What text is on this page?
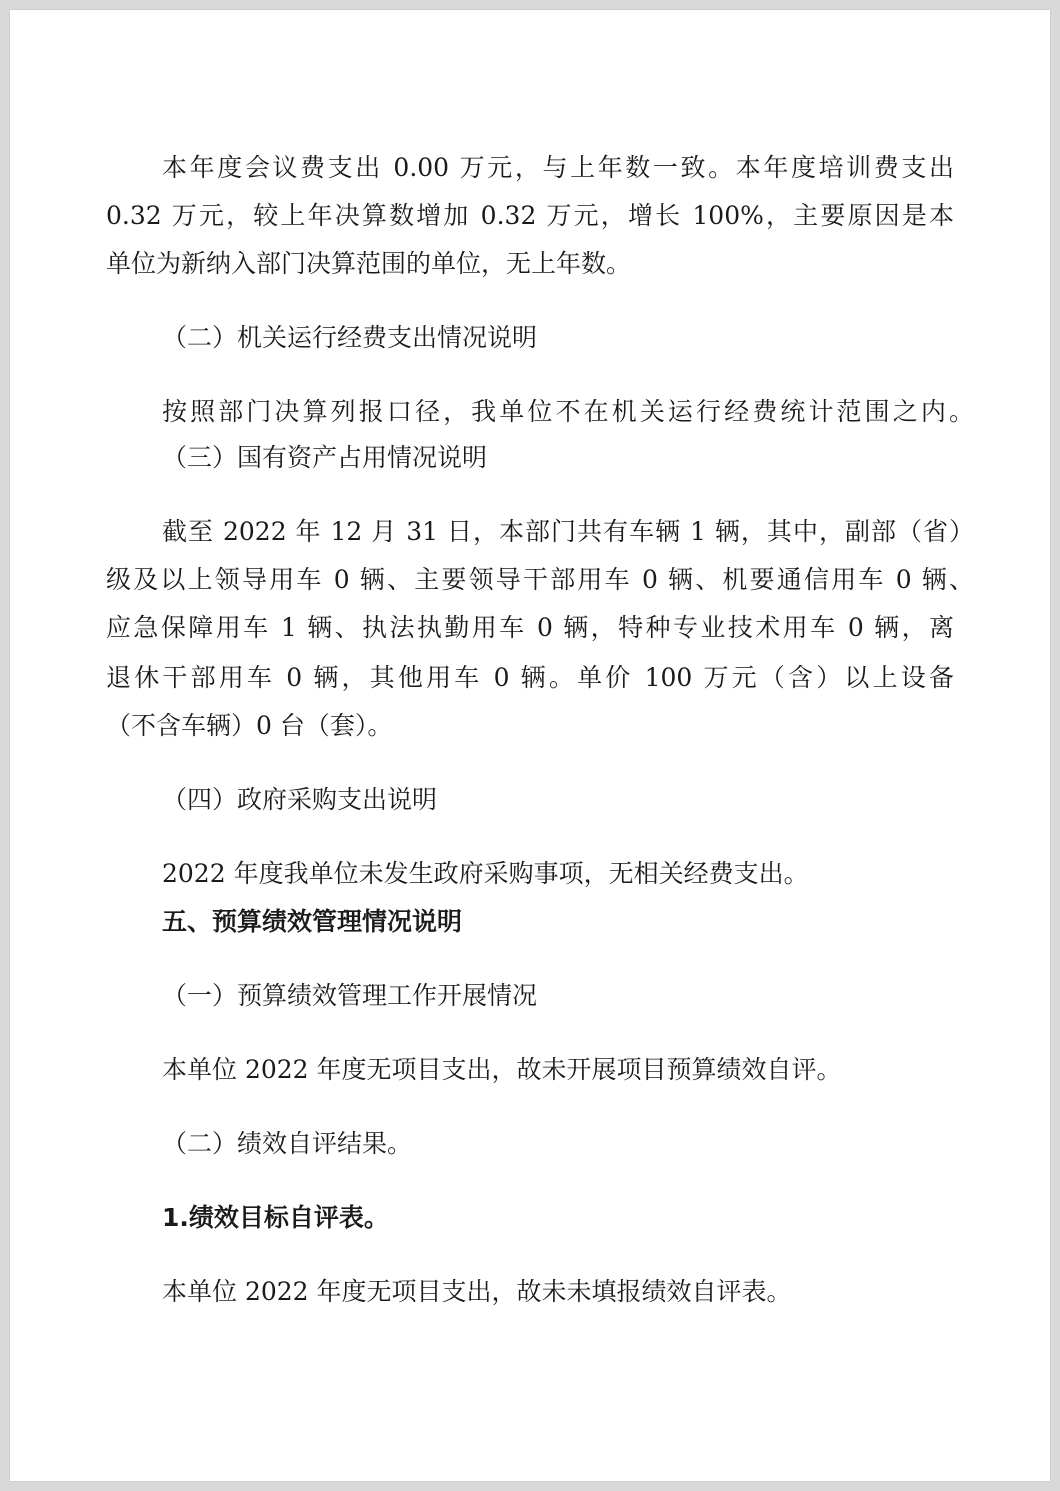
本年度会议费支出 0.00 万元，与上年数一致。本年度培训费支出

0.32 万元，较上年决算数增加 0.32 万元，增长 100%，主要原因是本

单位为新纳入部门决算范围的单位，无上年数。

（二）机关运行经费支出情况说明

按照部门决算列报口径，我单位不在机关运行经费统计范围之内。

（三）国有资产占用情况说明

截至 2022 年 12 月 31 日，本部门共有车辆 1 辆，其中，副部（省）

级及以上领导用车 0 辆、主要领导干部用车 0 辆、机要通信用车 0 辆、

应急保障用车 1 辆、执法执勤用车 0 辆，特种专业技术用车 0 辆，离

退休干部用车 0 辆，其他用车 0 辆。单价 100 万元（含）以上设备

（不含车辆）0 台（套）。

（四）政府采购支出说明

2022 年度我单位未发生政府采购事项，无相关经费支出。

五、预算绩效管理情况说明

（一）预算绩效管理工作开展情况

本单位 2022 年度无项目支出，故未开展项目预算绩效自评。

（二）绩效自评结果。

1.绩效目标自评表。

本单位 2022 年度无项目支出，故未未填报绩效自评表。
